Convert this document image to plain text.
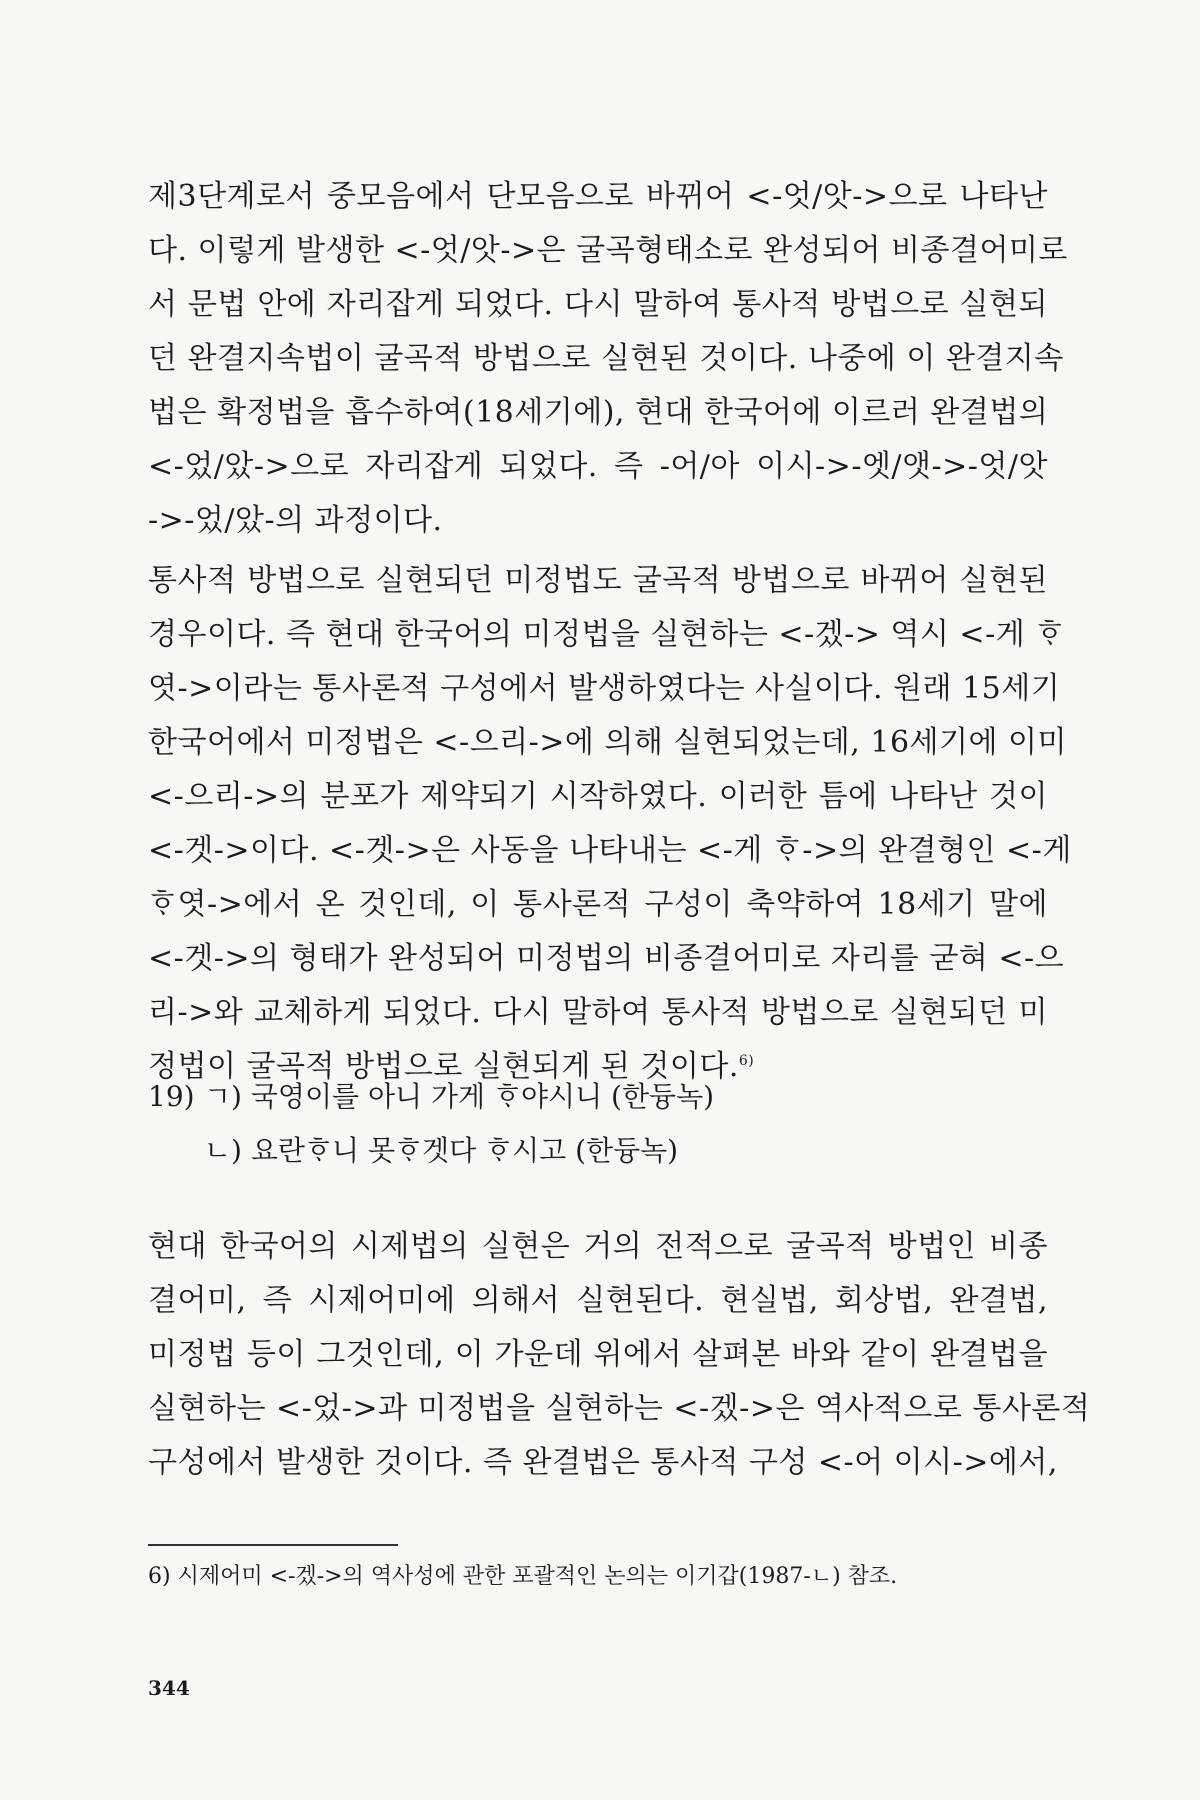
제3단계로서 중모음에서 단모음으로 바뀌어 <-엇/앗->으로 나타난
다. 이렇게 발생한 <-엇/앗->은 굴곡형태소로 완성되어 비종결어미로
서 문법 안에 자리잡게 되었다. 다시 말하여 통사적 방법으로 실현되
던 완결지속법이 굴곡적 방법으로 실현된 것이다. 나중에 이 완결지속
법은 확정법을 흡수하여(18세기에), 현대 한국어에 이르러 완결법의
<-었/았->으로 자리잡게 되었다. 즉 -어/아 이시->-엣/앳->-엇/앗
->-었/았-의 과정이다.
통사적 방법으로 실현되던 미정법도 굴곡적 방법으로 바뀌어 실현된
경우이다. 즉 현대 한국어의 미정법을 실현하는 <-겠-> 역시 <-게 ᄒᆞ
엿->이라는 통사론적 구성에서 발생하였다는 사실이다. 원래 15세기
한국어에서 미정법은 <-으리->에 의해 실현되었는데, 16세기에 이미
<-으리->의 분포가 제약되기 시작하였다. 이러한 틈에 나타난 것이
<-겟->이다. <-겟->은 사동을 나타내는 <-게 ᄒᆞ->의 완결형인 <-게
ᄒᆞ엿->에서 온 것인데, 이 통사론적 구성이 축약하여 18세기 말에
<-겟->의 형태가 완성되어 미정법의 비종결어미로 자리를 굳혀 <-으
리->와 교체하게 되었다. 다시 말하여 통사적 방법으로 실현되던 미
정법이 굴곡적 방법으로 실현되게 된 것이다.$^{6)}$
19) ㄱ) 국영이를 아니 가게 ᄒᆞ야시니 (한듕녹)
ㄴ) 요란ᄒᆞ니 못ᄒᆞ겟다 ᄒᆞ시고 (한듕녹)
현대 한국어의 시제법의 실현은 거의 전적으로 굴곡적 방법인 비종
결어미, 즉 시제어미에 의해서 실현된다. 현실법, 회상법, 완결법,
미정법 등이 그것인데, 이 가운데 위에서 살펴본 바와 같이 완결법을
실현하는 <-었->과 미정법을 실현하는 <-겠->은 역사적으로 통사론적
구성에서 발생한 것이다. 즉 완결법은 통사적 구성 <-어 이시->에서,
6) 시제어미 <-겠->의 역사성에 관한 포괄적인 논의는 이기갑(1987-ㄴ) 참조.
344
